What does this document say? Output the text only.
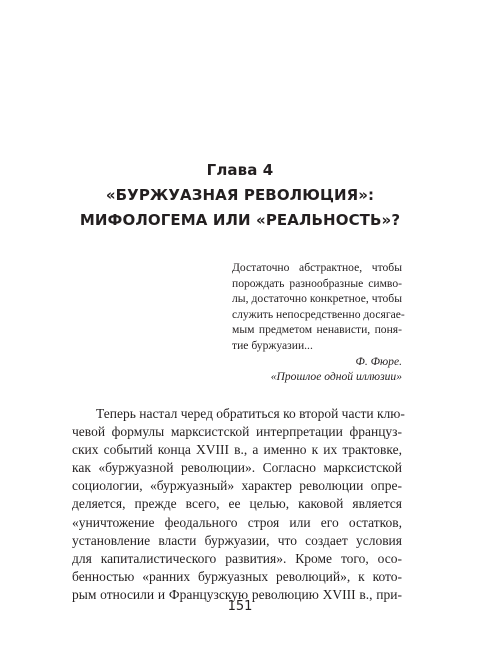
Глава 4
«БУРЖУАЗНАЯ РЕВОЛЮЦИЯ»:
МИФОЛОГЕМА ИЛИ «РЕАЛЬНОСТЬ»?
Достаточно абстрактное, чтобы
порождать разнообразные симво-
лы, достаточно конкретное, чтобы
служить непосредственно досягае-
мым предметом ненависти, поня-
тие буржуазии...
Ф. Фюре.
«Прошлое одной иллюзии»
Теперь настал черед обратиться ко второй части клю-
чевой формулы марксистской интерпретации француз-
ских событий конца XVIII в., а именно к их трактовке,
как «буржуазной революции». Согласно марксистской
социологии, «буржуазный» характер революции опре-
деляется, прежде всего, ее целью, каковой является
«уничтожение феодального строя или его остатков,
установление власти буржуазии, что создает условия
для капиталистического развития». Кроме того, осо-
бенностью «ранних буржуазных революций», к кото-
рым относили и Французскую революцию XVIII в., при-
151
